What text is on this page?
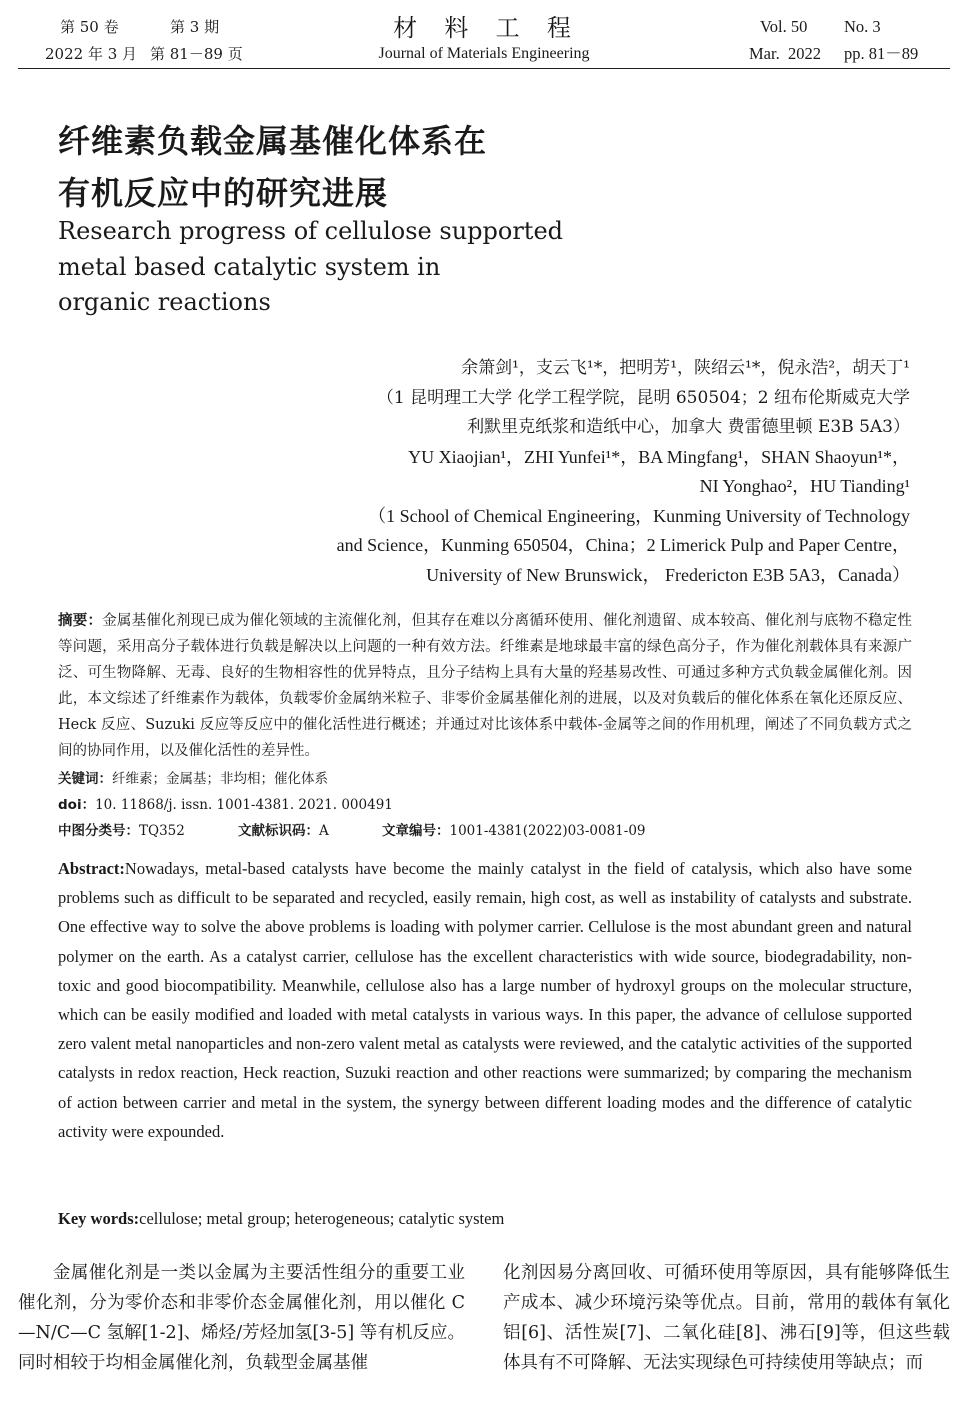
第 50 卷	第 3 期
2022 年 3 月 第 81－89 页
材  料  工  程
Journal of Materials Engineering
Vol. 50 No. 3
Mar.  2022 pp. 81－89
纤维素负载金属基催化体系在
有机反应中的研究进展
Research progress of cellulose supported
metal based catalytic system in
organic reactions
余箫剑¹，支云飞¹*，把明芳¹，陕绍云¹*，倪永浩²，胡天丁¹
（1 昆明理工大学 化学工程学院，昆明 650504；2 纽布伦斯威克大学
利默里克纸浆和造纸中心，加拿大 费雷德里顿 E3B 5A3）
YU Xiaojian¹，ZHI Yunfei¹*，BA Mingfang¹，SHAN Shaoyun¹*，
NI Yonghao²，HU Tianding¹
（1 School of Chemical Engineering，Kunming University of Technology
and Science，Kunming 650504，China；2 Limerick Pulp and Paper Centre，
University of New Brunswick， Fredericton E3B 5A3，Canada）
摘要：金属基催化剂现已成为催化领域的主流催化剂，但其存在难以分离循环使用、催化剂遗留、成本较高、催化剂与底物不稳定性等问题，采用高分子载体进行负载是解决以上问题的一种有效方法。纤维素是地球最丰富的绿色高分子，作为催化剂载体具有来源广泛、可生物降解、无毒、良好的生物相容性的优异特点，且分子结构上具有大量的羟基易改性、可通过多种方式负载金属催化剂。因此，本文综述了纤维素作为载体，负载零价金属纳米粒子、非零价金属基催化剂的进展，以及对负载后的催化体系在氧化还原反应、Heck 反应、Suzuki 反应等反应中的催化活性进行概述；并通过对比该体系中载体-金属等之间的作用机理，阐述了不同负载方式之间的协同作用，以及催化活性的差异性。
关键词：纤维素；金属基；非均相；催化体系
doi：10. 11868/j. issn. 1001-4381. 2021. 000491
中图分类号：TQ352	文献标识码：A	文章编号：1001-4381(2022)03-0081-09
Abstract:Nowadays, metal-based catalysts have become the mainly catalyst in the field of catalysis, which also have some problems such as difficult to be separated and recycled, easily remain, high cost, as well as instability of catalysts and substrate. One effective way to solve the above problems is loading with polymer carrier. Cellulose is the most abundant green and natural polymer on the earth. As a catalyst carrier, cellulose has the excellent characteristics with wide source, biodegradability, non-toxic and good biocompatibility. Meanwhile, cellulose also has a large number of hydroxyl groups on the molecular structure, which can be easily modified and loaded with metal catalysts in various ways. In this paper, the advance of cellulose supported zero valent metal nanoparticles and non-zero valent metal as catalysts were reviewed, and the catalytic activities of the supported catalysts in redox reaction, Heck reaction, Suzuki reaction and other reactions were summarized; by comparing the mechanism of action between carrier and metal in the system, the synergy between different loading modes and the difference of catalytic activity were expounded.
Key words:cellulose; metal group; heterogeneous; catalytic system

金属催化剂是一类以金属为主要活性组分的重要工业催化剂，分为零价态和非零价态金属催化剂，用以催化 C—N/C—C 氢解[1-2]、烯烃/芳烃加氢[3-5] 等有机反应。同时相较于均相金属催化剂，负载型金属基催

化剂因易分离回收、可循环使用等原因，具有能够降低生产成本、减少环境污染等优点。目前，常用的载体有氧化铝[6]、活性炭[7]、二氧化硅[8]、沸石[9]等，但这些载体具有不可降解、无法实现绿色可持续使用等缺点；而
